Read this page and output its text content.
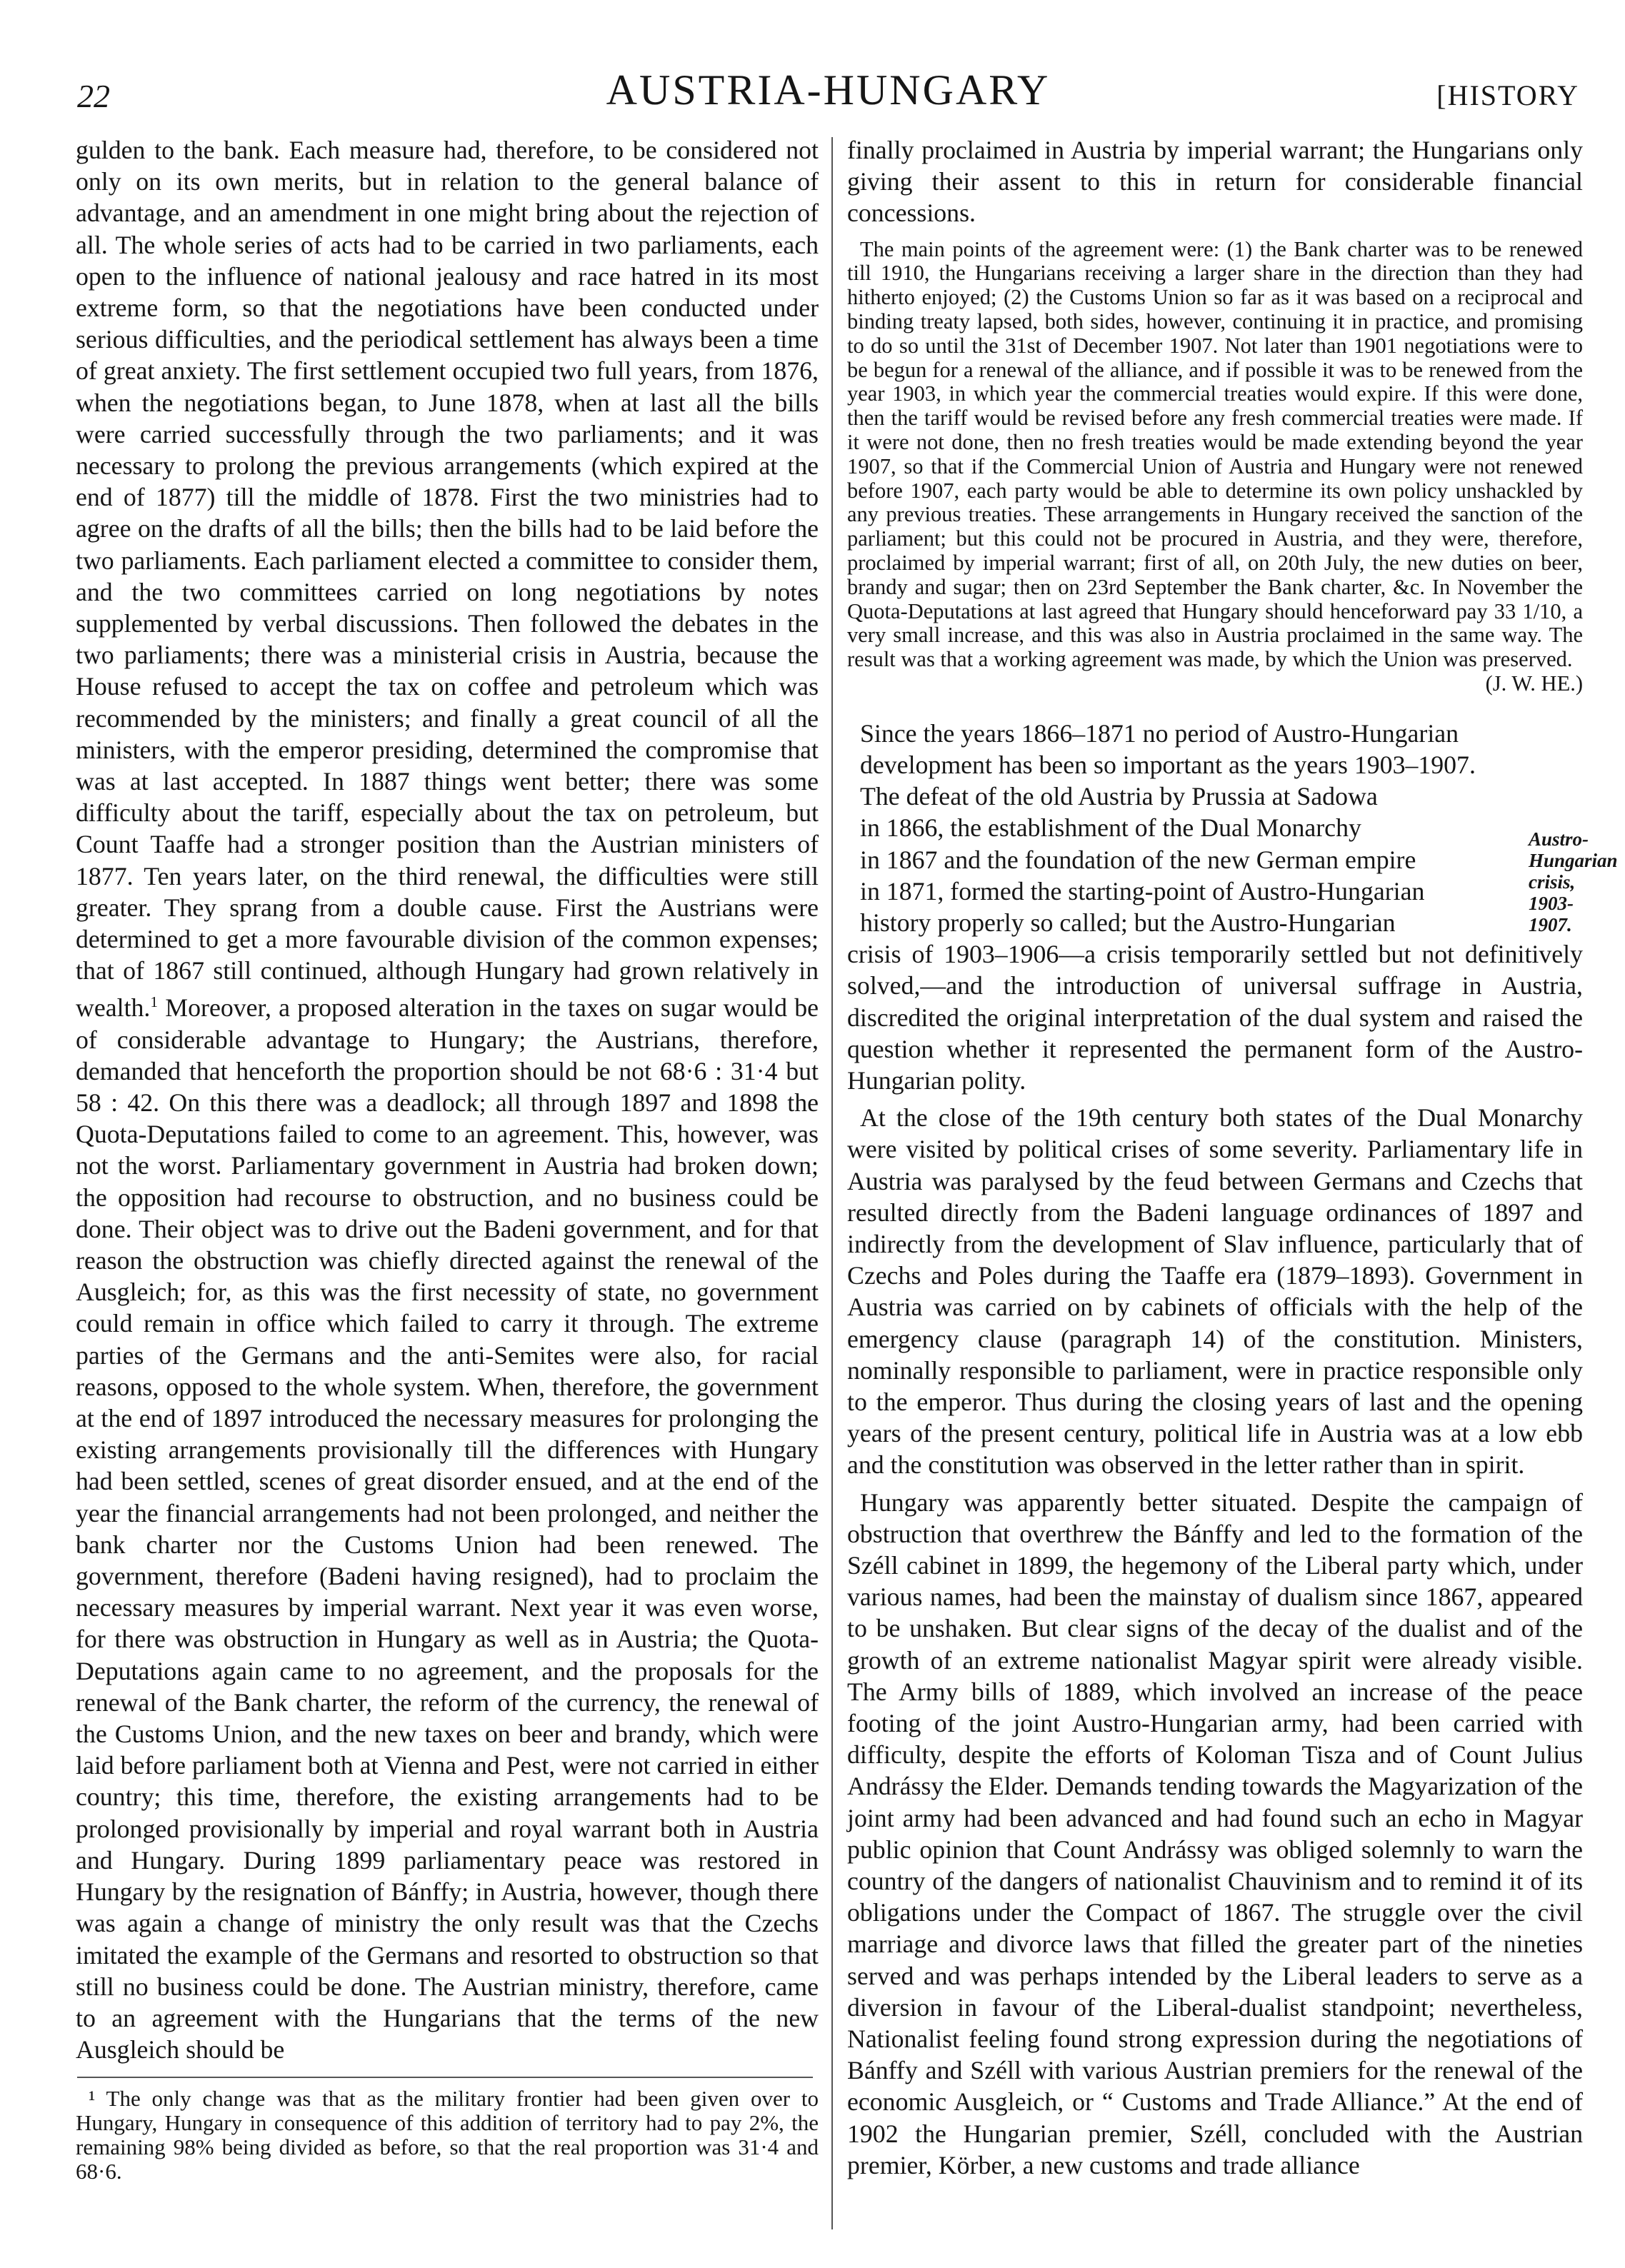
22	AUSTRIA-HUNGARY	[HISTORY

gulden to the bank. Each measure had, therefore, to be considered not only on its own merits, but in relation to the general balance of advantage, and an amendment in one might bring about the rejection of all. The whole series of acts had to be carried in two parliaments, each open to the influence of national jealousy and race hatred in its most extreme form, so that the negotiations have been conducted under serious difficulties, and the periodical settlement has always been a time of great anxiety. The first settlement occupied two full years, from 1876, when the negotiations began, to June 1878, when at last all the bills were carried successfully through the two parliaments; and it was necessary to prolong the previous arrangements (which expired at the end of 1877) till the middle of 1878. First the two ministries had to agree on the drafts of all the bills; then the bills had to be laid before the two parliaments. Each parliament elected a committee to consider them, and the two committees carried on long negotiations by notes supplemented by verbal discussions. Then followed the debates in the two parliaments; there was a ministerial crisis in Austria, because the House refused to accept the tax on coffee and petroleum which was recommended by the ministers; and finally a great council of all the ministers, with the emperor presiding, determined the compromise that was at last accepted. In 1887 things went better; there was some difficulty about the tariff, especially about the tax on petroleum, but Count Taaffe had a stronger position than the Austrian ministers of 1877. Ten years later, on the third renewal, the difficulties were still greater. They sprang from a double cause. First the Austrians were determined to get a more favourable division of the common expenses; that of 1867 still continued, although Hungary had grown relatively in wealth.$^1$ Moreover, a proposed alteration in the taxes on sugar would be of considerable advantage to Hungary; the Austrians, therefore, demanded that henceforth the proportion should be not 68·6 : 31·4 but 58 : 42. On this there was a deadlock; all through 1897 and 1898 the Quota-Deputations failed to come to an agreement. This, however, was not the worst. Parliamentary government in Austria had broken down; the opposition had recourse to obstruction, and no business could be done. Their object was to drive out the Badeni government, and for that reason the obstruction was chiefly directed against the renewal of the Ausgleich; for, as this was the first necessity of state, no government could remain in office which failed to carry it through. The extreme parties of the Germans and the anti-Semites were also, for racial reasons, opposed to the whole system. When, therefore, the government at the end of 1897 introduced the necessary measures for prolonging the existing arrangements provisionally till the differences with Hungary had been settled, scenes of great disorder ensued, and at the end of the year the financial arrangements had not been prolonged, and neither the bank charter nor the Customs Union had been renewed. The government, therefore (Badeni having resigned), had to proclaim the necessary measures by imperial warrant. Next year it was even worse, for there was obstruction in Hungary as well as in Austria; the Quota-Deputations again came to no agreement, and the proposals for the renewal of the Bank charter, the reform of the currency, the renewal of the Customs Union, and the new taxes on beer and brandy, which were laid before parliament both at Vienna and Pest, were not carried in either country; this time, therefore, the existing arrangements had to be prolonged provisionally by imperial and royal warrant both in Austria and Hungary. During 1899 parliamentary peace was restored in Hungary by the resignation of Bánffy; in Austria, however, though there was again a change of ministry the only result was that the Czechs imitated the example of the Germans and resorted to obstruction so that still no business could be done. The Austrian ministry, therefore, came to an agreement with the Hungarians that the terms of the new Ausgleich should be

¹ The only change was that as the military frontier had been given over to Hungary, Hungary in consequence of this addition of territory had to pay 2%, the remaining 98% being divided as before, so that the real proportion was 31·4 and 68·6.

finally proclaimed in Austria by imperial warrant; the Hungarians only giving their assent to this in return for considerable financial concessions.

The main points of the agreement were: (1) the Bank charter was to be renewed till 1910, the Hungarians receiving a larger share in the direction than they had hitherto enjoyed; (2) the Customs Union so far as it was based on a reciprocal and binding treaty lapsed, both sides, however, continuing it in practice, and promising to do so until the 31st of December 1907. Not later than 1901 negotiations were to be begun for a renewal of the alliance, and if possible it was to be renewed from the year 1903, in which year the commercial treaties would expire. If this were done, then the tariff would be revised before any fresh commercial treaties were made. If it were not done, then no fresh treaties would be made extending beyond the year 1907, so that if the Commercial Union of Austria and Hungary were not renewed before 1907, each party would be able to determine its own policy unshackled by any previous treaties. These arrangements in Hungary received the sanction of the parliament; but this could not be procured in Austria, and they were, therefore, proclaimed by imperial warrant; first of all, on 20th July, the new duties on beer, brandy and sugar; then on 23rd September the Bank charter, &c. In November the Quota-Deputations at last agreed that Hungary should henceforward pay 33 1/10, a very small increase, and this was also in Austria proclaimed in the same way. The result was that a working agreement was made, by which the Union was preserved.
(J. W. HE.)

Since the years 1866–1871 no period of Austro-Hungarian
development has been so important as the years 1903–1907.
The defeat of the old Austria by Prussia at Sadowa
in 1866, the establishment of the Dual Monarchy
in 1867 and the foundation of the new German empire
in 1871, formed the starting-point of Austro-Hungarian
history properly so called; but the Austro-Hungarian

crisis of 1903–1906—a crisis temporarily settled but not definitively solved,—and the introduction of universal suffrage in Austria, discredited the original interpretation of the dual system and raised the question whether it represented the permanent form of the Austro-Hungarian polity.

At the close of the 19th century both states of the Dual Monarchy were visited by political crises of some severity. Parliamentary life in Austria was paralysed by the feud between Germans and Czechs that resulted directly from the Badeni language ordinances of 1897 and indirectly from the development of Slav influence, particularly that of Czechs and Poles during the Taaffe era (1879–1893). Government in Austria was carried on by cabinets of officials with the help of the emergency clause (paragraph 14) of the constitution. Ministers, nominally responsible to parliament, were in practice responsible only to the emperor. Thus during the closing years of last and the opening years of the present century, political life in Austria was at a low ebb and the constitution was observed in the letter rather than in spirit.

Hungary was apparently better situated. Despite the campaign of obstruction that overthrew the Bánffy and led to the formation of the Széll cabinet in 1899, the hegemony of the Liberal party which, under various names, had been the mainstay of dualism since 1867, appeared to be unshaken. But clear signs of the decay of the dualist and of the growth of an extreme nationalist Magyar spirit were already visible. The Army bills of 1889, which involved an increase of the peace footing of the joint Austro-Hungarian army, had been carried with difficulty, despite the efforts of Koloman Tisza and of Count Julius Andrássy the Elder. Demands tending towards the Magyarization of the joint army had been advanced and had found such an echo in Magyar public opinion that Count Andrássy was obliged solemnly to warn the country of the dangers of nationalist Chauvinism and to remind it of its obligations under the Compact of 1867. The struggle over the civil marriage and divorce laws that filled the greater part of the nineties served and was perhaps intended by the Liberal leaders to serve as a diversion in favour of the Liberal-dualist standpoint; nevertheless, Nationalist feeling found strong expression during the negotiations of Bánffy and Széll with various Austrian premiers for the renewal of the economic Ausgleich, or “ Customs and Trade Alliance.” At the end of 1902 the Hungarian premier, Széll, concluded with the Austrian premier, Körber, a new customs and trade alliance

Austro-
Hungarian
crisis,
1903-
1907.
